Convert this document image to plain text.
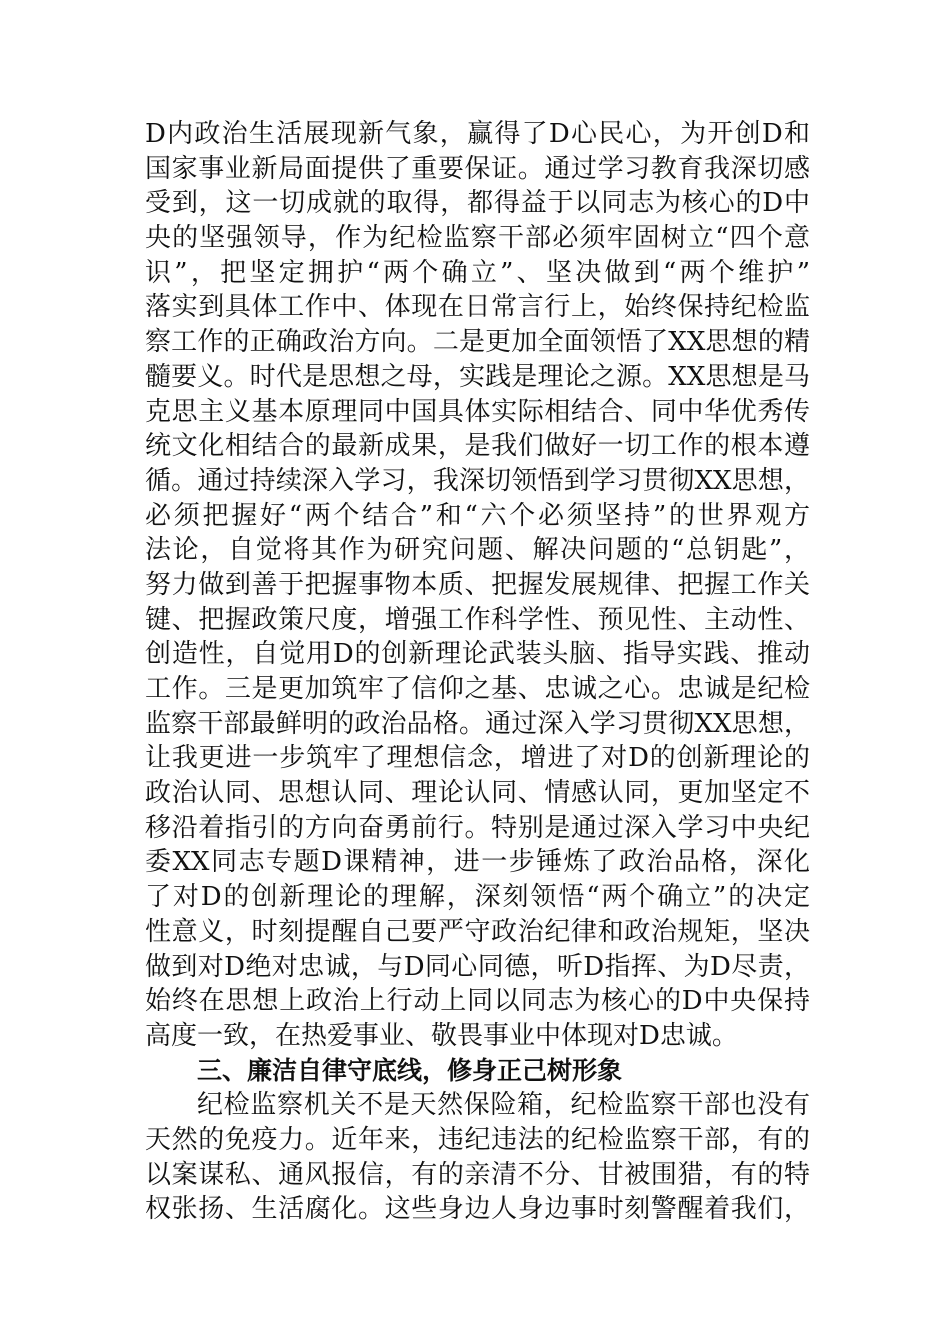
D内政治生活展现新气象，赢得了D心民心，为开创D和
国家事业新局面提供了重要保证。通过学习教育我深切感
受到，这一切成就的取得，都得益于以同志为核心的D中
央的坚强领导，作为纪检监察干部必须牢固树立“四个意
识”，把坚定拥护“两个确立”、坚决做到“两个维护”
落实到具体工作中、体现在日常言行上，始终保持纪检监
察工作的正确政治方向。二是更加全面领悟了XX思想的精
髓要义。时代是思想之母，实践是理论之源。XX思想是马
克思主义基本原理同中国具体实际相结合、同中华优秀传
统文化相结合的最新成果，是我们做好一切工作的根本遵
循。通过持续深入学习，我深切领悟到学习贯彻XX思想，
必须把握好“两个结合”和“六个必须坚持”的世界观方
法论，自觉将其作为研究问题、解决问题的“总钥匙”，
努力做到善于把握事物本质、把握发展规律、把握工作关
键、把握政策尺度，增强工作科学性、预见性、主动性、
创造性，自觉用D的创新理论武装头脑、指导实践、推动
工作。三是更加筑牢了信仰之基、忠诚之心。忠诚是纪检
监察干部最鲜明的政治品格。通过深入学习贯彻XX思想，
让我更进一步筑牢了理想信念，增进了对D的创新理论的
政治认同、思想认同、理论认同、情感认同，更加坚定不
移沿着指引的方向奋勇前行。特别是通过深入学习中央纪
委XX同志专题D课精神，进一步锤炼了政治品格，深化
了对D的创新理论的理解，深刻领悟“两个确立”的决定
性意义，时刻提醒自己要严守政治纪律和政治规矩，坚决
做到对D绝对忠诚，与D同心同德，听D指挥、为D尽责，
始终在思想上政治上行动上同以同志为核心的D中央保持
高度一致，在热爱事业、敬畏事业中体现对D忠诚。
三、廉洁自律守底线，修身正己树形象
纪检监察机关不是天然保险箱，纪检监察干部也没有
天然的免疫力。近年来，违纪违法的纪检监察干部，有的
以案谋私、通风报信，有的亲清不分、甘被围猎，有的特
权张扬、生活腐化。这些身边人身边事时刻警醒着我们，
